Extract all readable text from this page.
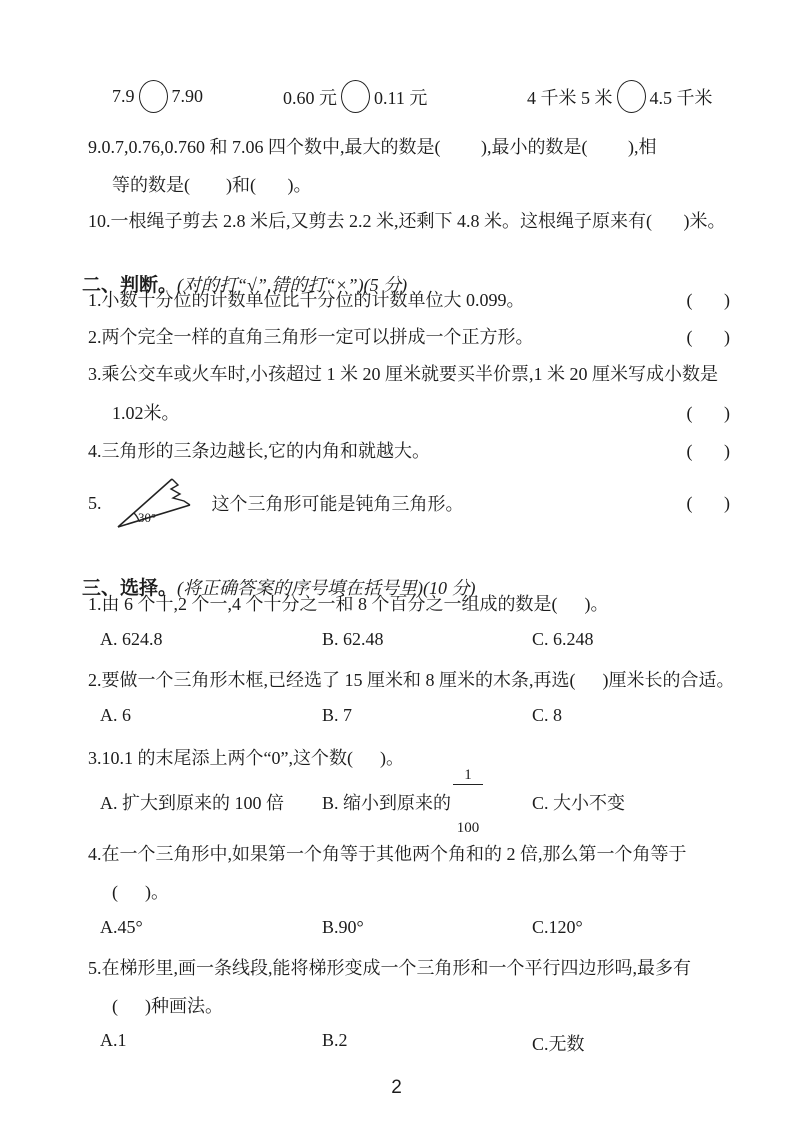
7.9 7.90	0.60 元 0.11 元	4 千米 5 米 4.5 千米
9.0.7,0.76,0.760 和 7.06 四个数中,最大的数是(         ),最小的数是(         ),相
等的数是(        )和(       )。
10.一根绳子剪去 2.8 米后,又剪去 2.2 米,还剩下 4.8 米。这根绳子原来有(       )米。

二、判断。(对的打“√”,错的打“×”)(5 分)

1.小数十分位的计数单位比千分位的计数单位大 0.099。	(       )
2.两个完全一样的直角三角形一定可以拼成一个正方形。	(       )
3.乘公交车或火车时,小孩超过 1 米 20 厘米就要买半价票,1 米 20 厘米写成小数是
1.02米。	(       )
4.三角形的三条边越长,它的内角和就越大。	(       )
5.
30°
这个三角形可能是钝角三角形。	(       )

三、选择。(将正确答案的序号填在括号里)(10 分)

1.由 6 个十,2 个一,4 个十分之一和 8 个百分之一组成的数是(      )。
A. 624.8	B. 62.48	C. 6.248
2.要做一个三角形木框,已经选了 15 厘米和 8 厘米的木条,再选(      )厘米长的合适。
A. 6	B. 7	C. 8
3.10.1 的末尾添上两个“0”,这个数(      )。
A. 扩大到原来的 100 倍 B. 缩小到原来的

$\frac{1}{100}$

	C. 大小不变
4.在一个三角形中,如果第一个角等于其他两个角和的 2 倍,那么第一个角等于
(      )。
A.45°	B.90°	C.120°
5.在梯形里,画一条线段,能将梯形变成一个三角形和一个平行四边形吗,最多有
(      )种画法。
A.1	B.2	C.无数
2
